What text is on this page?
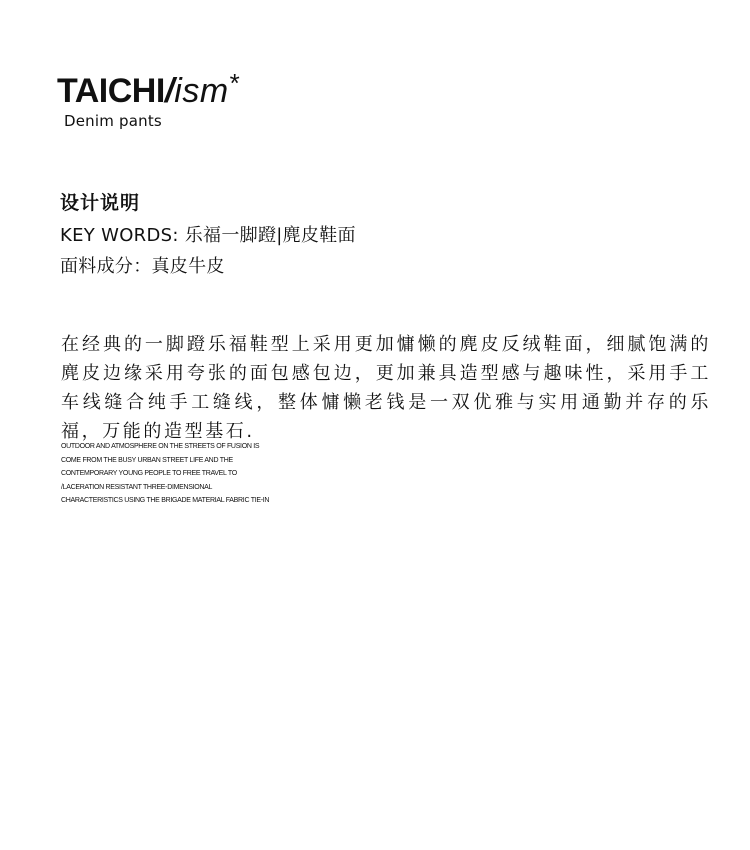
TAICHI/ism*
Denim pants
设计说明
KEY WORDS: 乐福一脚蹬|麂皮鞋面
面料成分：真皮牛皮
在经典的一脚蹬乐福鞋型上采用更加慵懒的麂皮反绒鞋面，细腻饱满的麂皮边缘采用夸张的面包感包边，更加兼具造型感与趣味性，采用手工车线缝合纯手工缝线，整体慵懒老钱是一双优雅与实用通勤并存的乐福，万能的造型基石.
OUTDOOR AND ATMOSPHERE ON THE STREETS OF FUSION IS
COME FROM THE BUSY URBAN STREET LIFE AND THE
CONTEMPORARY YOUNG PEOPLE TO FREE TRAVEL TO
/LACERATION RESISTANT THREE-DIMENSIONAL
CHARACTERISTICS USING THE BRIGADE MATERIAL FABRIC TIE-IN
